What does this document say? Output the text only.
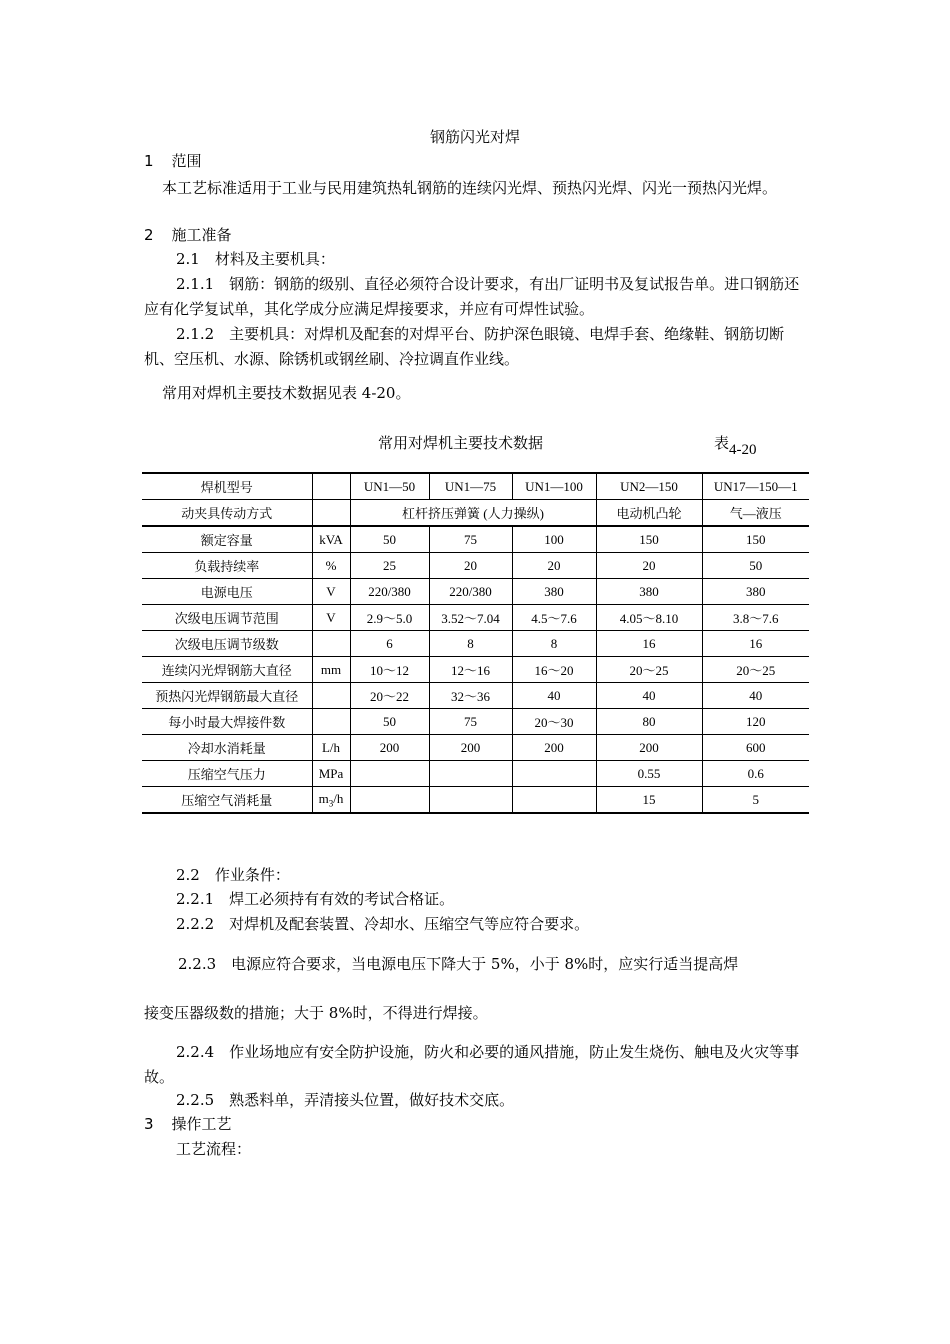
钢筋闪光对焊
1 范围
本工艺标准适用于工业与民用建筑热轧钢筋的连续闪光焊、预热闪光焊、闪光一预热闪光焊。
2 施工准备
2.1　材料及主要机具：
2.1.1　钢筋：钢筋的级别、直径必须符合设计要求，有出厂证明书及复试报告单。进口钢筋还应有化学复试单，其化学成分应满足焊接要求，并应有可焊性试验。
2.1.2　主要机具：对焊机及配套的对焊平台、防护深色眼镜、电焊手套、绝缘鞋、钢筋切断机、空压机、水源、除锈机或钢丝刷、冷拉调直作业线。
常用对焊机主要技术数据见表 4-20。
常用对焊机主要技术数据	表4-20
焊机型号		UN1—50	UN1—75	UN1—100	UN2—150	UN17—150—1
动夹具传动方式		杠杆挤压弹簧 (人力操纵)			电动机凸轮	气—液压
额定容量	kVA	50	75	100	150	150
负载持续率	%	25	20	20	20	50
电源电压	V	220/380	220/380	380	380	380
次级电压调节范围	V	2.9～5.0	3.52～7.04	4.5～7.6	4.05～8.10	3.8～7.6
次级电压调节级数		6	8	8	16	16
连续闪光焊钢筋大直径	mm	10～12	12～16	16～20	20～25	20～25
预热闪光焊钢筋最大直径		20～22	32～36	40	40	40
每小时最大焊接件数		50	75	20～30	80	120
冷却水消耗量	L/h	200	200	200	200	600
压缩空气压力	MPa				0.55	0.6
压缩空气消耗量	$m_3/h$				15	5
2.2　作业条件：
2.2.1　焊工必须持有有效的考试合格证。
2.2.2　对焊机及配套装置、冷却水、压缩空气等应符合要求。
2.2.3　电源应符合要求，当电源电压下降大于 5%，小于 8%时，应实行适当提高焊
接变压器级数的措施；大于 8%时，不得进行焊接。
2.2.4　作业场地应有安全防护设施，防火和必要的通风措施，防止发生烧伤、触电及火灾等事故。
2.2.5　熟悉料单，弄清接头位置，做好技术交底。
3 操作工艺
工艺流程：
